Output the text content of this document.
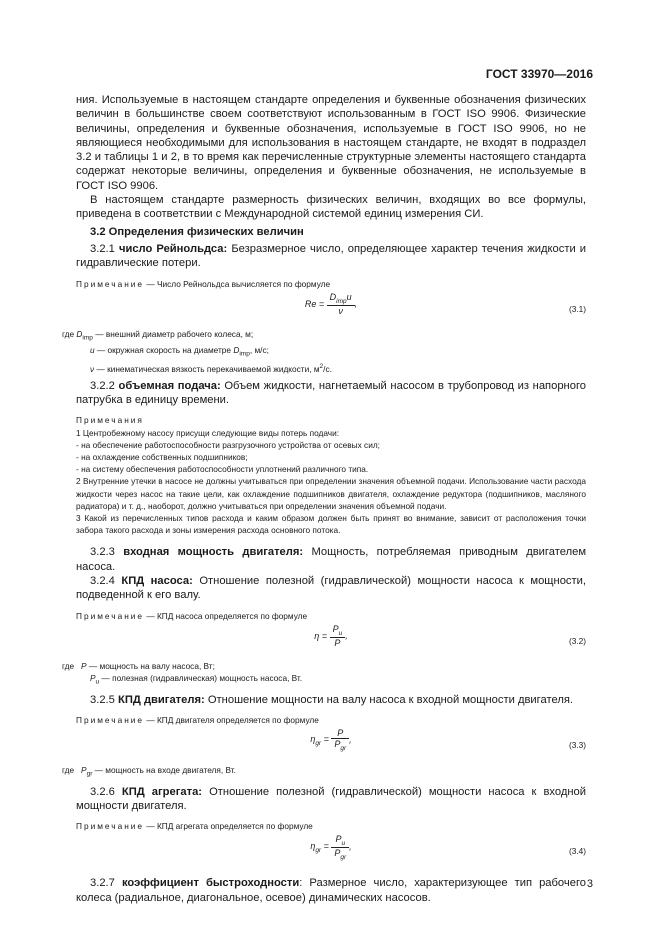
ГОСТ 33970—2016

ния. Используемые в настоящем стандарте определения и буквенные обозначения физических величин в большинстве своем соответствуют использованным в ГОСТ ISO 9906. Физические величины, определения и буквенные обозначения, используемые в ГОСТ ISO 9906, но не являющиеся необходимыми для использования в настоящем стандарте, не входят в подраздел 3.2 и таблицы 1 и 2, в то время как перечисленные структурные элементы настоящего стандарта содержат некоторые величины, определения и буквенные обозначения, не используемые в ГОСТ ISO 9906.

В настоящем стандарте размерность физических величин, входящих во все формулы, приведена в соответствии с Международной системой единиц измерения СИ.

3.2 Определения физических величин

3.2.1 число Рейнольдса: Безразмерное число, определяющее характер течения жидкости и гидравлические потери.

Примечание — Число Рейнольдса вычисляется по формуле

$Re = \frac{D_{imp}u}{\nu}$ ,
(3.1)
где $D_{imp}$ — внешний диаметр рабочего колеса, м;
u — окружная скорость на диаметре $D_{imp}$, м/с;
ν — кинематическая вязкость перекачиваемой жидкости, $м^2/с$.

3.2.2 объемная подача: Объем жидкости, нагнетаемый насосом в трубопровод из напорного патрубка в единицу времени.

Примечания

1 Центробежному насосу присущи следующие виды потерь подачи:

- на обеспечение работоспособности разгрузочного устройства от осевых сил;

- на охлаждение собственных подшипников;

- на систему обеспечения работоспособности уплотнений различного типа.

2 Внутренние утечки в насосе не должны учитываться при определении значения объемной подачи. Использование части расхода жидкости через насос на такие цели, как охлаждение подшипников двигателя, охлаждение редуктора (подшипников, масляного радиатора) и т. д., наоборот, должно учитываться при определении значения объемной подачи.

3 Какой из перечисленных типов расхода и каким образом должен быть принят во внимание, зависит от расположения точки забора такого расхода и зоны измерения расхода основного потока.

3.2.3 входная мощность двигателя: Мощность, потребляемая приводным двигателем насоса.

3.2.4 КПД насоса: Отношение полезной (гидравлической) мощности насоса к мощности, подведенной к его валу.

Примечание — КПД насоса определяется по формуле

$\eta = \frac{P_u}{P}$ ,
(3.2)
где P — мощность на валу насоса, Вт;
$P_u$ — полезная (гидравлическая) мощность насоса, Вт.

3.2.5 КПД двигателя: Отношение мощности на валу насоса к входной мощности двигателя.

Примечание — КПД двигателя определяется по формуле

$\eta_{gr} = \frac{P}{P_{gr}}$ ,
(3.3)
где $P_{gr}$ — мощность на входе двигателя, Вт.

3.2.6 КПД агрегата: Отношение полезной (гидравлической) мощности насоса к входной мощности двигателя.

Примечание — КПД агрегата определяется по формуле

$\eta_{gr} = \frac{P_u}{P_{gr}}$ ,	(3.4)

3.2.7 коэффициент быстроходности: Размерное число, характеризующее тип рабочего колеса (радиальное, диагональное, осевое) динамических насосов.

3
